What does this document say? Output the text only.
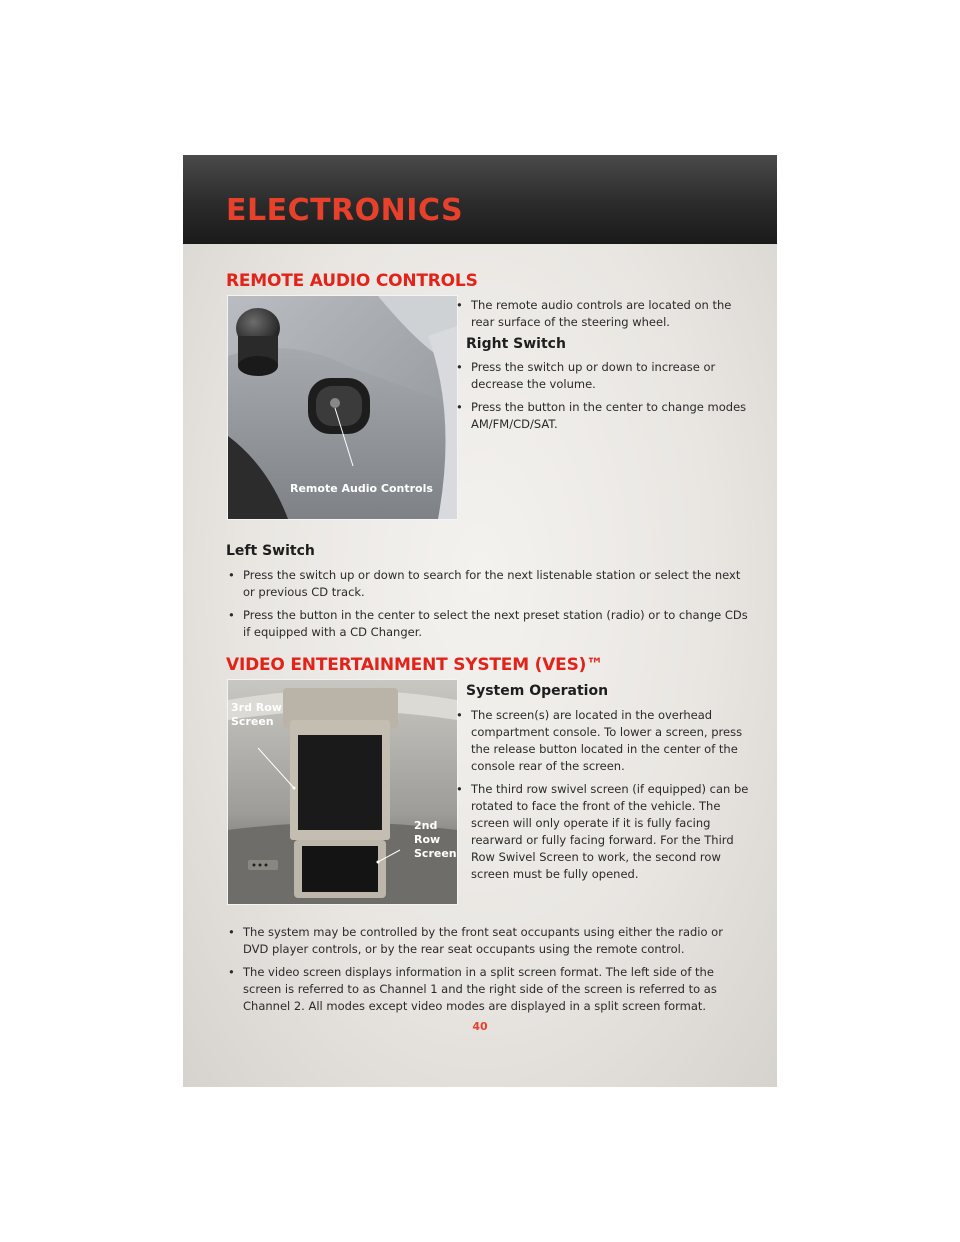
ELECTRONICS
REMOTE AUDIO CONTROLS
Remote Audio Controls
• The remote audio controls are located on the rear surface of the steering wheel.
Right Switch
• Press the switch up or down to increase or decrease the volume.
• Press the button in the center to change modes AM/FM/CD/SAT.
Left Switch
• Press the switch up or down to search for the next listenable station or select the next or previous CD track.
• Press the button in the center to select the next preset station (radio) or to change CDs if equipped with a CD Changer.
VIDEO ENTERTAINMENT SYSTEM (VES)™
3rd Row Screen
2nd Row Screen
System Operation
• The screen(s) are located in the overhead compartment console. To lower a screen, press the release button located in the center of the console rear of the screen.
• The third row swivel screen (if equipped) can be rotated to face the front of the vehicle. The screen will only operate if it is fully facing rearward or fully facing forward. For the Third Row Swivel Screen to work, the second row screen must be fully opened.
• The system may be controlled by the front seat occupants using either the radio or DVD player controls, or by the rear seat occupants using the remote control.
• The video screen displays information in a split screen format. The left side of the screen is referred to as Channel 1 and the right side of the screen is referred to as Channel 2. All modes except video modes are displayed in a split screen format.
40
